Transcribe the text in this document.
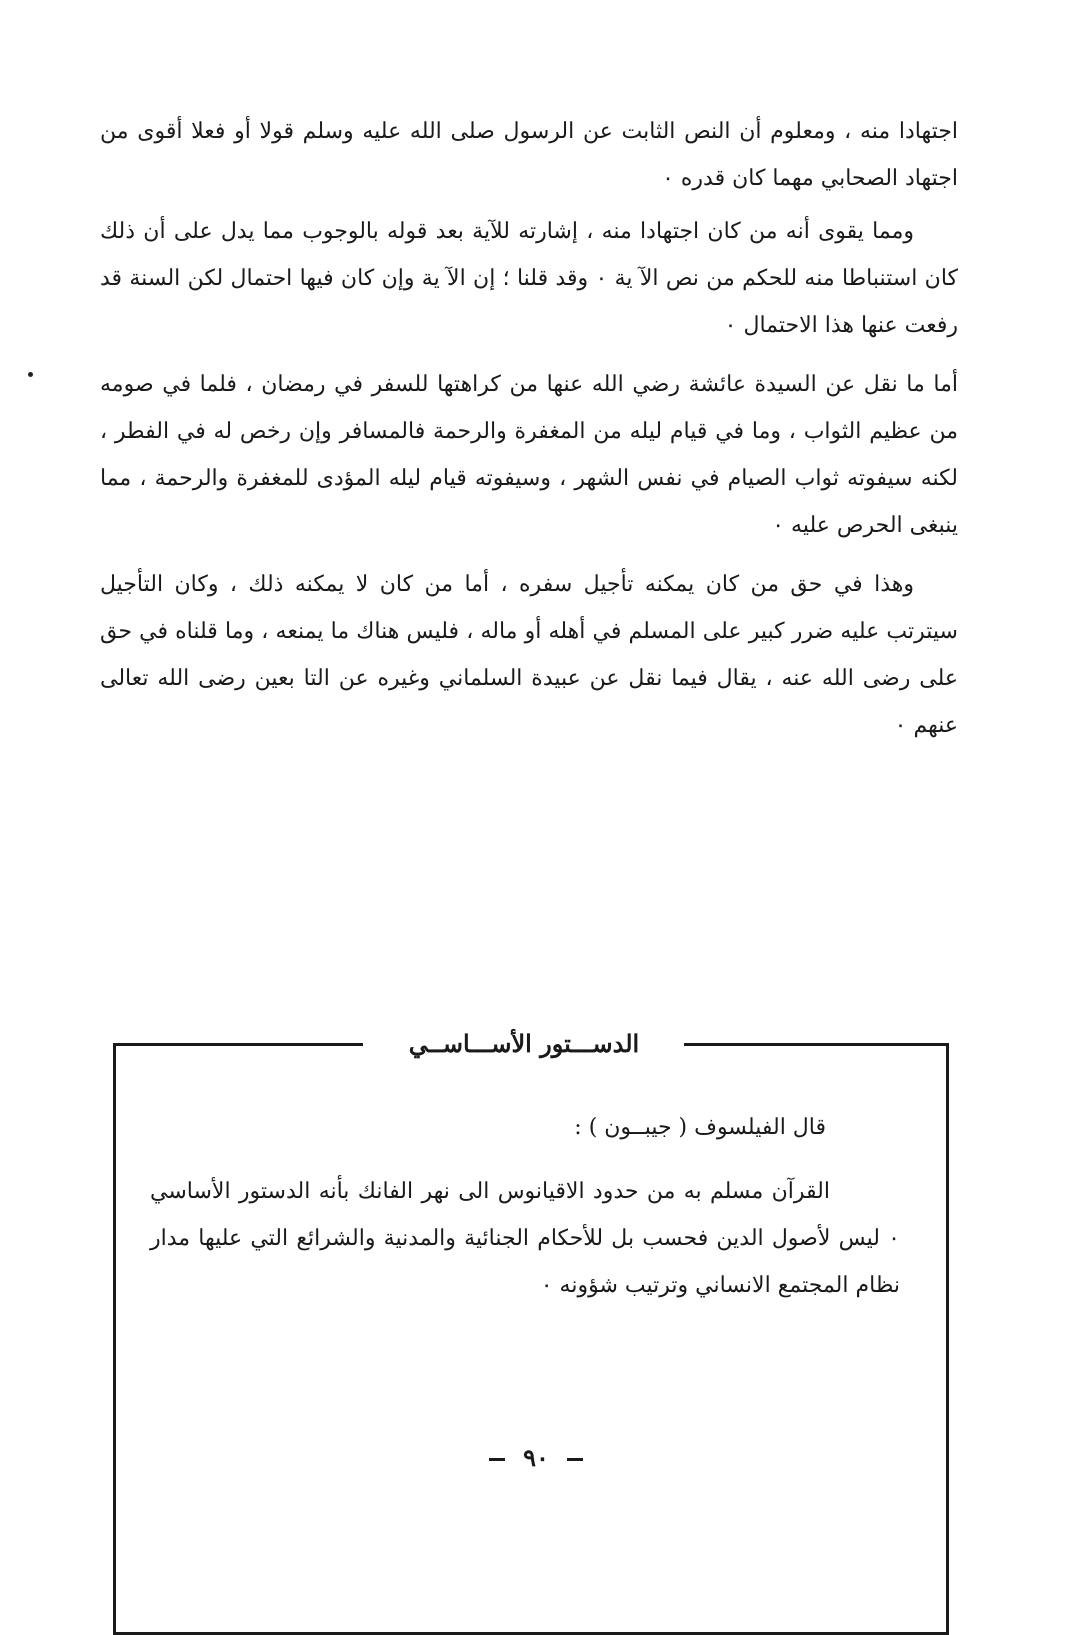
اجتهادا منه ، ومعلوم أن النص الثابت عن الرسول صلى الله عليه وسلم قولا أو فعلا أقوى من اجتهاد الصحابي مهما كان قدره ٠

ومما يقوى أنه من كان اجتهادا منه ، إشارته للآية بعد قوله بالوجوب مما يدل على أن ذلك كان استنباطا منه للحكم من نص الآ ية ٠ وقد قلنا ؛ إن الآ ية وإن كان فيها احتمال لكن السنة قد رفعت عنها هذا الاحتمال ٠

أما ما نقل عن السيدة عائشة رضي الله عنها من كراهتها للسفر في رمضان ، فلما في صومه من عظيم الثواب ، وما في قيام ليله من المغفرة والرحمة فالمسافر وإن رخص له في الفطر ، لكنه سيفوته ثواب الصيام في نفس الشهر ، وسيفوته قيام ليله المؤدى للمغفرة والرحمة ، مما ينبغى الحرص عليه ٠

وهذا في حق من كان يمكنه تأجيل سفره ، أما من كان لا يمكنه ذلك ، وكان التأجيل سيترتب عليه ضرر كبير على المسلم في أهله أو ماله ، فليس هناك ما يمنعه ، وما قلناه في حق على رضى الله عنه ، يقال فيما نقل عن عبيدة السلماني وغيره عن التا بعين رضى الله تعالى عنهم ٠

الدســـتور الأســـاســي
قال الفيلسوف ( جيبــون ) :
القرآن مسلم به من حدود الاقيانوس الى نهر الفانك بأنه الدستور الأساسي ٠ ليس لأصول الدين فحسب بل للأحكام الجنائية والمدنية والشرائع التي عليها مدار نظام المجتمع الانساني وترتيب شؤونه ٠
٩٠
